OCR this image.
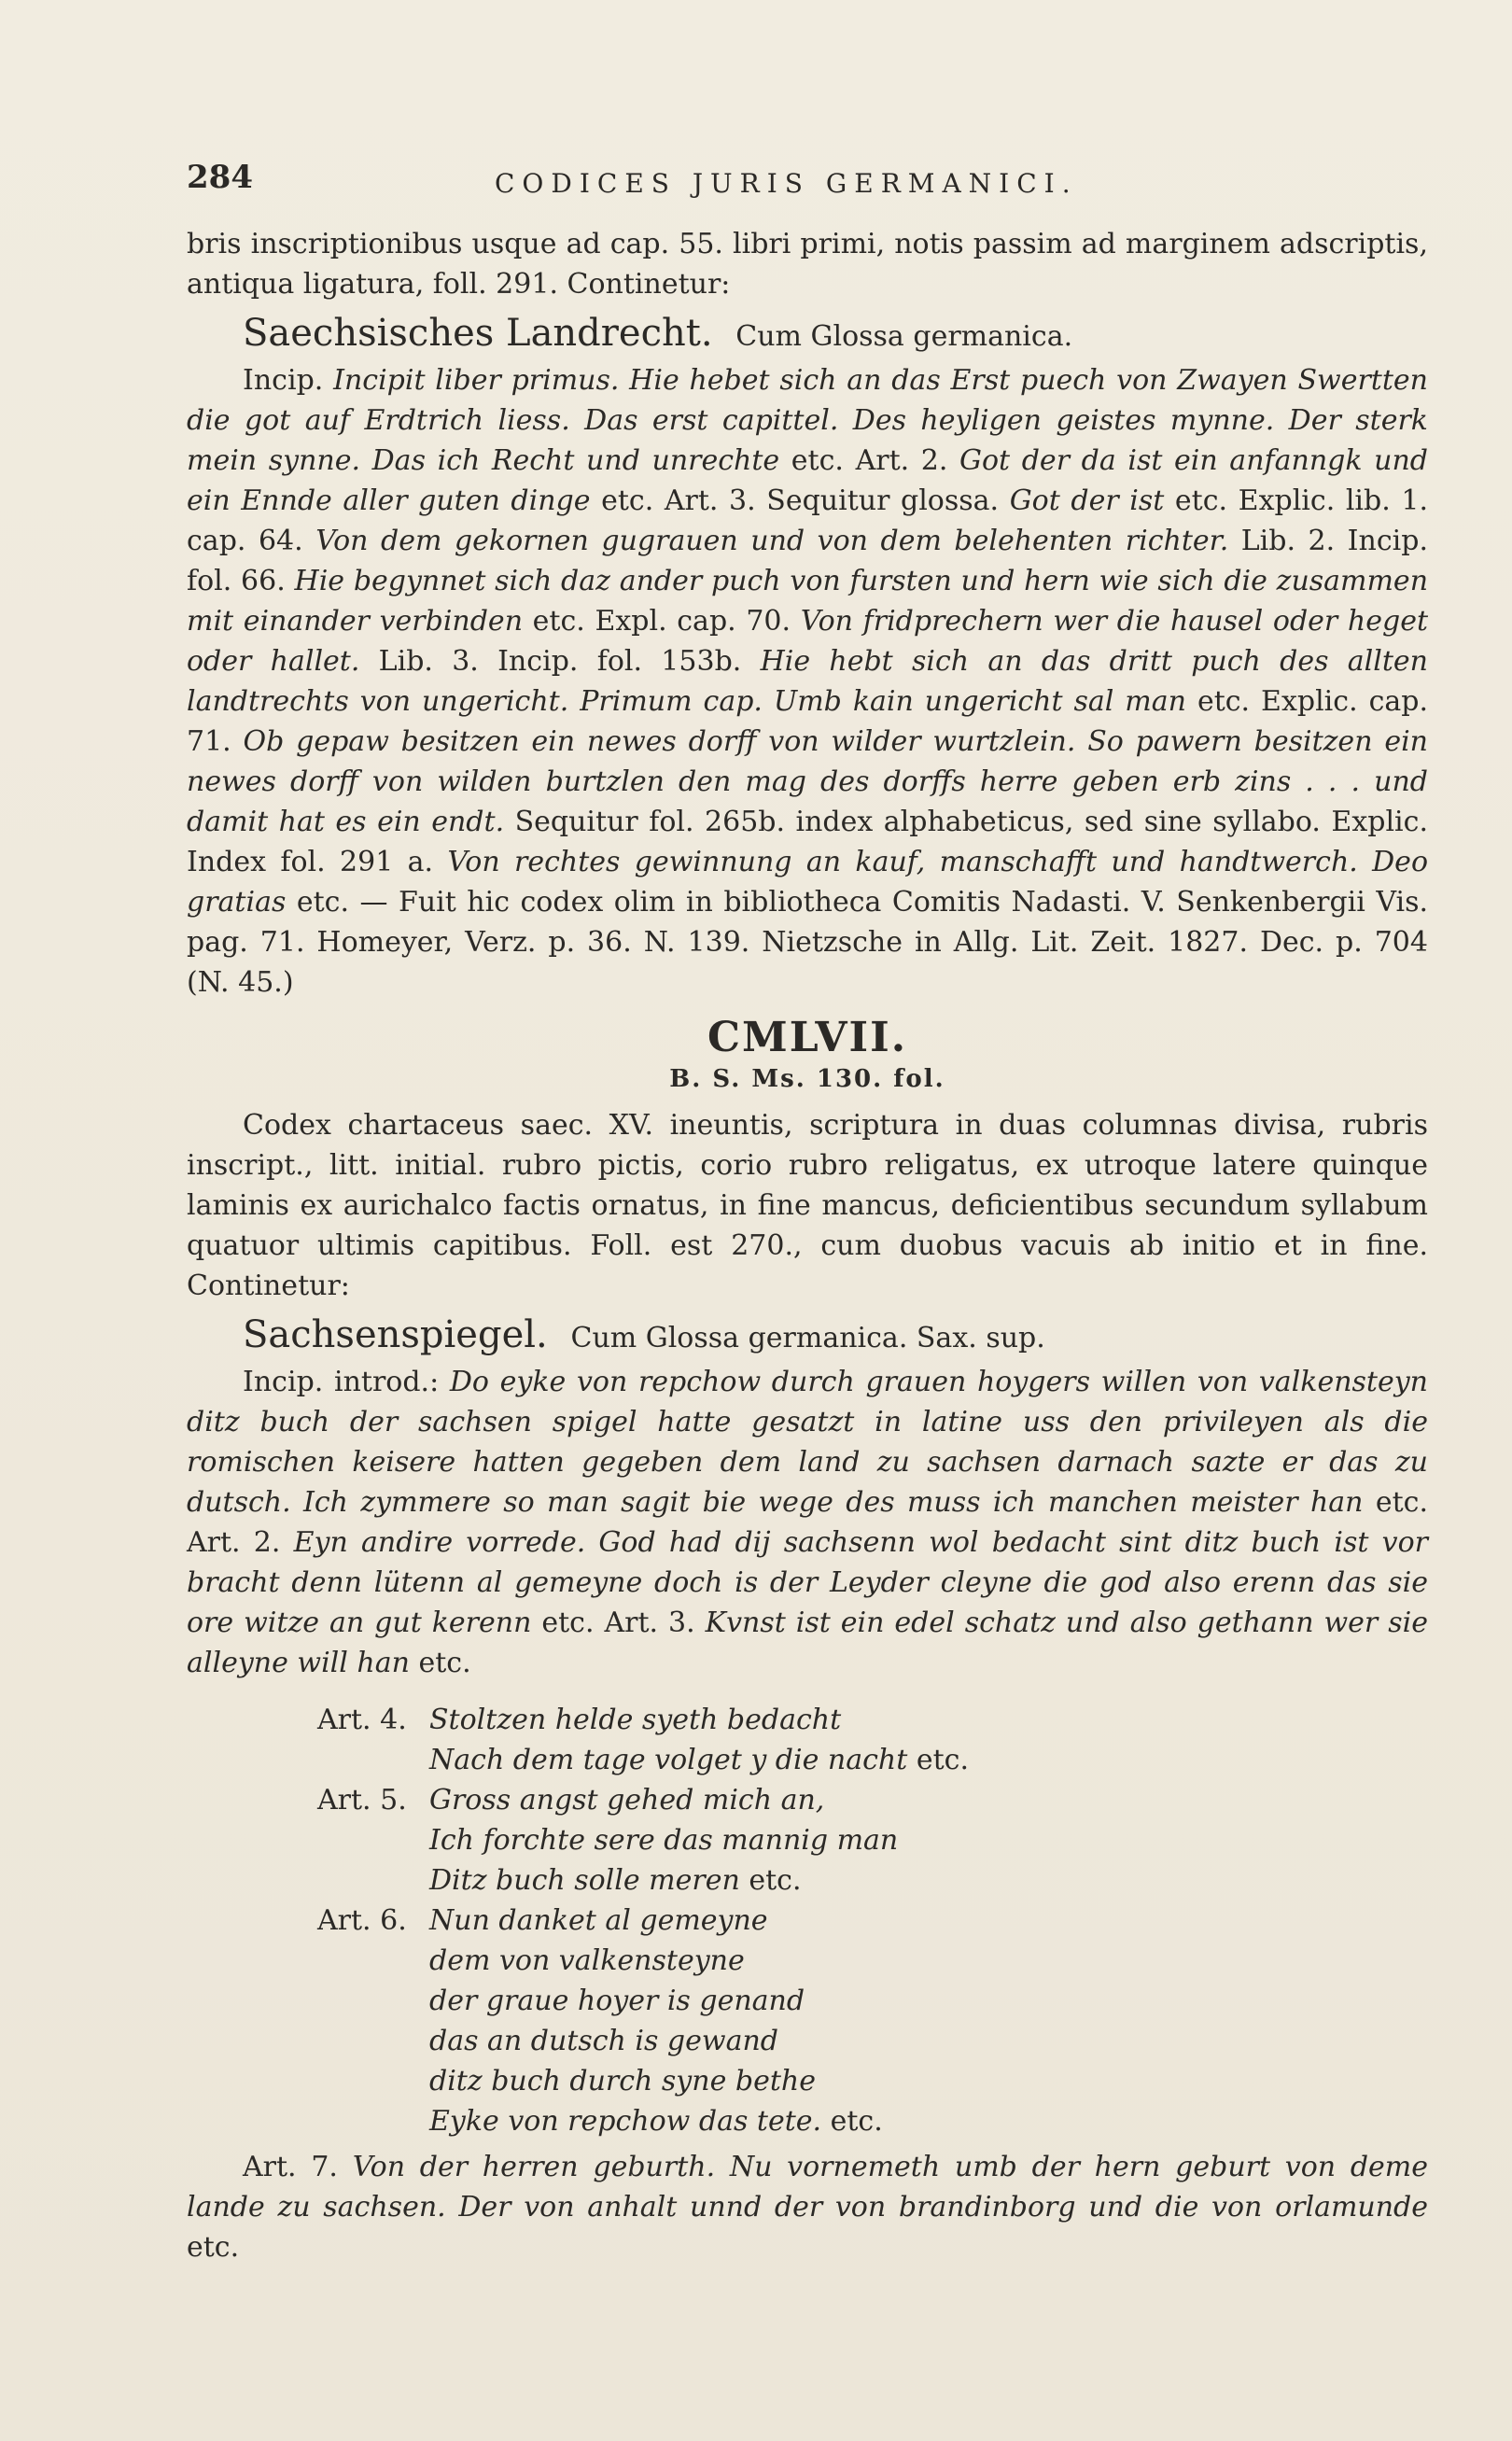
284	CODICES JURIS GERMANICI.

bris inscriptionibus usque ad cap. 55. libri primi, notis passim ad marginem adscriptis, antiqua ligatura, foll. 291. Continetur:

Saechsisches Landrecht. Cum Glossa germanica.

Incip. Incipit liber primus. Hie hebet sich an das Erst puech von Zwayen Swertten die got auf Erdtrich liess. Das erst capittel. Des heyligen geistes mynne. Der sterk mein synne. Das ich Recht und unrechte etc. Art. 2. Got der da ist ein anfanngk und ein Ennde aller guten dinge etc. Art. 3. Sequitur glossa. Got der ist etc. Explic. lib. 1. cap. 64. Von dem gekornen gugrauen und von dem belehenten richter. Lib. 2. Incip. fol. 66. Hie begynnet sich daz ander puch von fursten und hern wie sich die zusammen mit einander verbinden etc. Expl. cap. 70. Von fridprechern wer die hausel oder heget oder hallet. Lib. 3. Incip. fol. 153b. Hie hebt sich an das dritt puch des allten landtrechts von ungericht. Primum cap. Umb kain ungericht sal man etc. Explic. cap. 71. Ob gepaw besitzen ein newes dorff von wilder wurtzlein. So pawern besitzen ein newes dorff von wilden burtzlen den mag des dorffs herre geben erb zins . . . und damit hat es ein endt. Sequitur fol. 265b. index alphabeticus, sed sine syllabo. Explic. Index fol. 291 a. Von rechtes gewinnung an kauf, manschafft und handtwerch. Deo gratias etc. — Fuit hic codex olim in bibliotheca Comitis Nadasti. V. Senkenbergii Vis. pag. 71. Homeyer, Verz. p. 36. N. 139. Nietzsche in Allg. Lit. Zeit. 1827. Dec. p. 704 (N. 45.)

CMLVII.
B. S. Ms. 130. fol.

Codex chartaceus saec. XV. ineuntis, scriptura in duas columnas divisa, rubris inscript., litt. initial. rubro pictis, corio rubro religatus, ex utroque latere quinque laminis ex aurichalco factis ornatus, in fine mancus, deficientibus secundum syllabum quatuor ultimis capitibus. Foll. est 270., cum duobus vacuis ab initio et in fine. Continetur:

Sachsenspiegel. Cum Glossa germanica. Sax. sup.

Incip. introd.: Do eyke von repchow durch grauen hoygers willen von valkensteyn ditz buch der sachsen spigel hatte gesatzt in latine uss den privileyen als die romischen keisere hatten gegeben dem land zu sachsen darnach sazte er das zu dutsch. Ich zymmere so man sagit bie wege des muss ich manchen meister han etc. Art. 2. Eyn andire vorrede. God had dij sachsenn wol bedacht sint ditz buch ist vor bracht denn lütenn al gemeyne doch is der Leyder cleyne die god also erenn das sie ore witze an gut kerenn etc. Art. 3. Kvnst ist ein edel schatz und also gethann wer sie alleyne will han etc.

Art. 4. Stoltzen helde syeth bedacht
Nach dem tage volget y die nacht etc.
Art. 5. Gross angst gehed mich an,
Ich forchte sere das mannig man
Ditz buch solle meren etc.
Art. 6. Nun danket al gemeyne
dem von valkensteyne
der graue hoyer is genand
das an dutsch is gewand
ditz buch durch syne bethe
Eyke von repchow das tete. etc.

Art. 7. Von der herren geburth. Nu vornemeth umb der hern geburt von deme lande zu sachsen. Der von anhalt unnd der von brandinborg und die von orlamunde etc.
